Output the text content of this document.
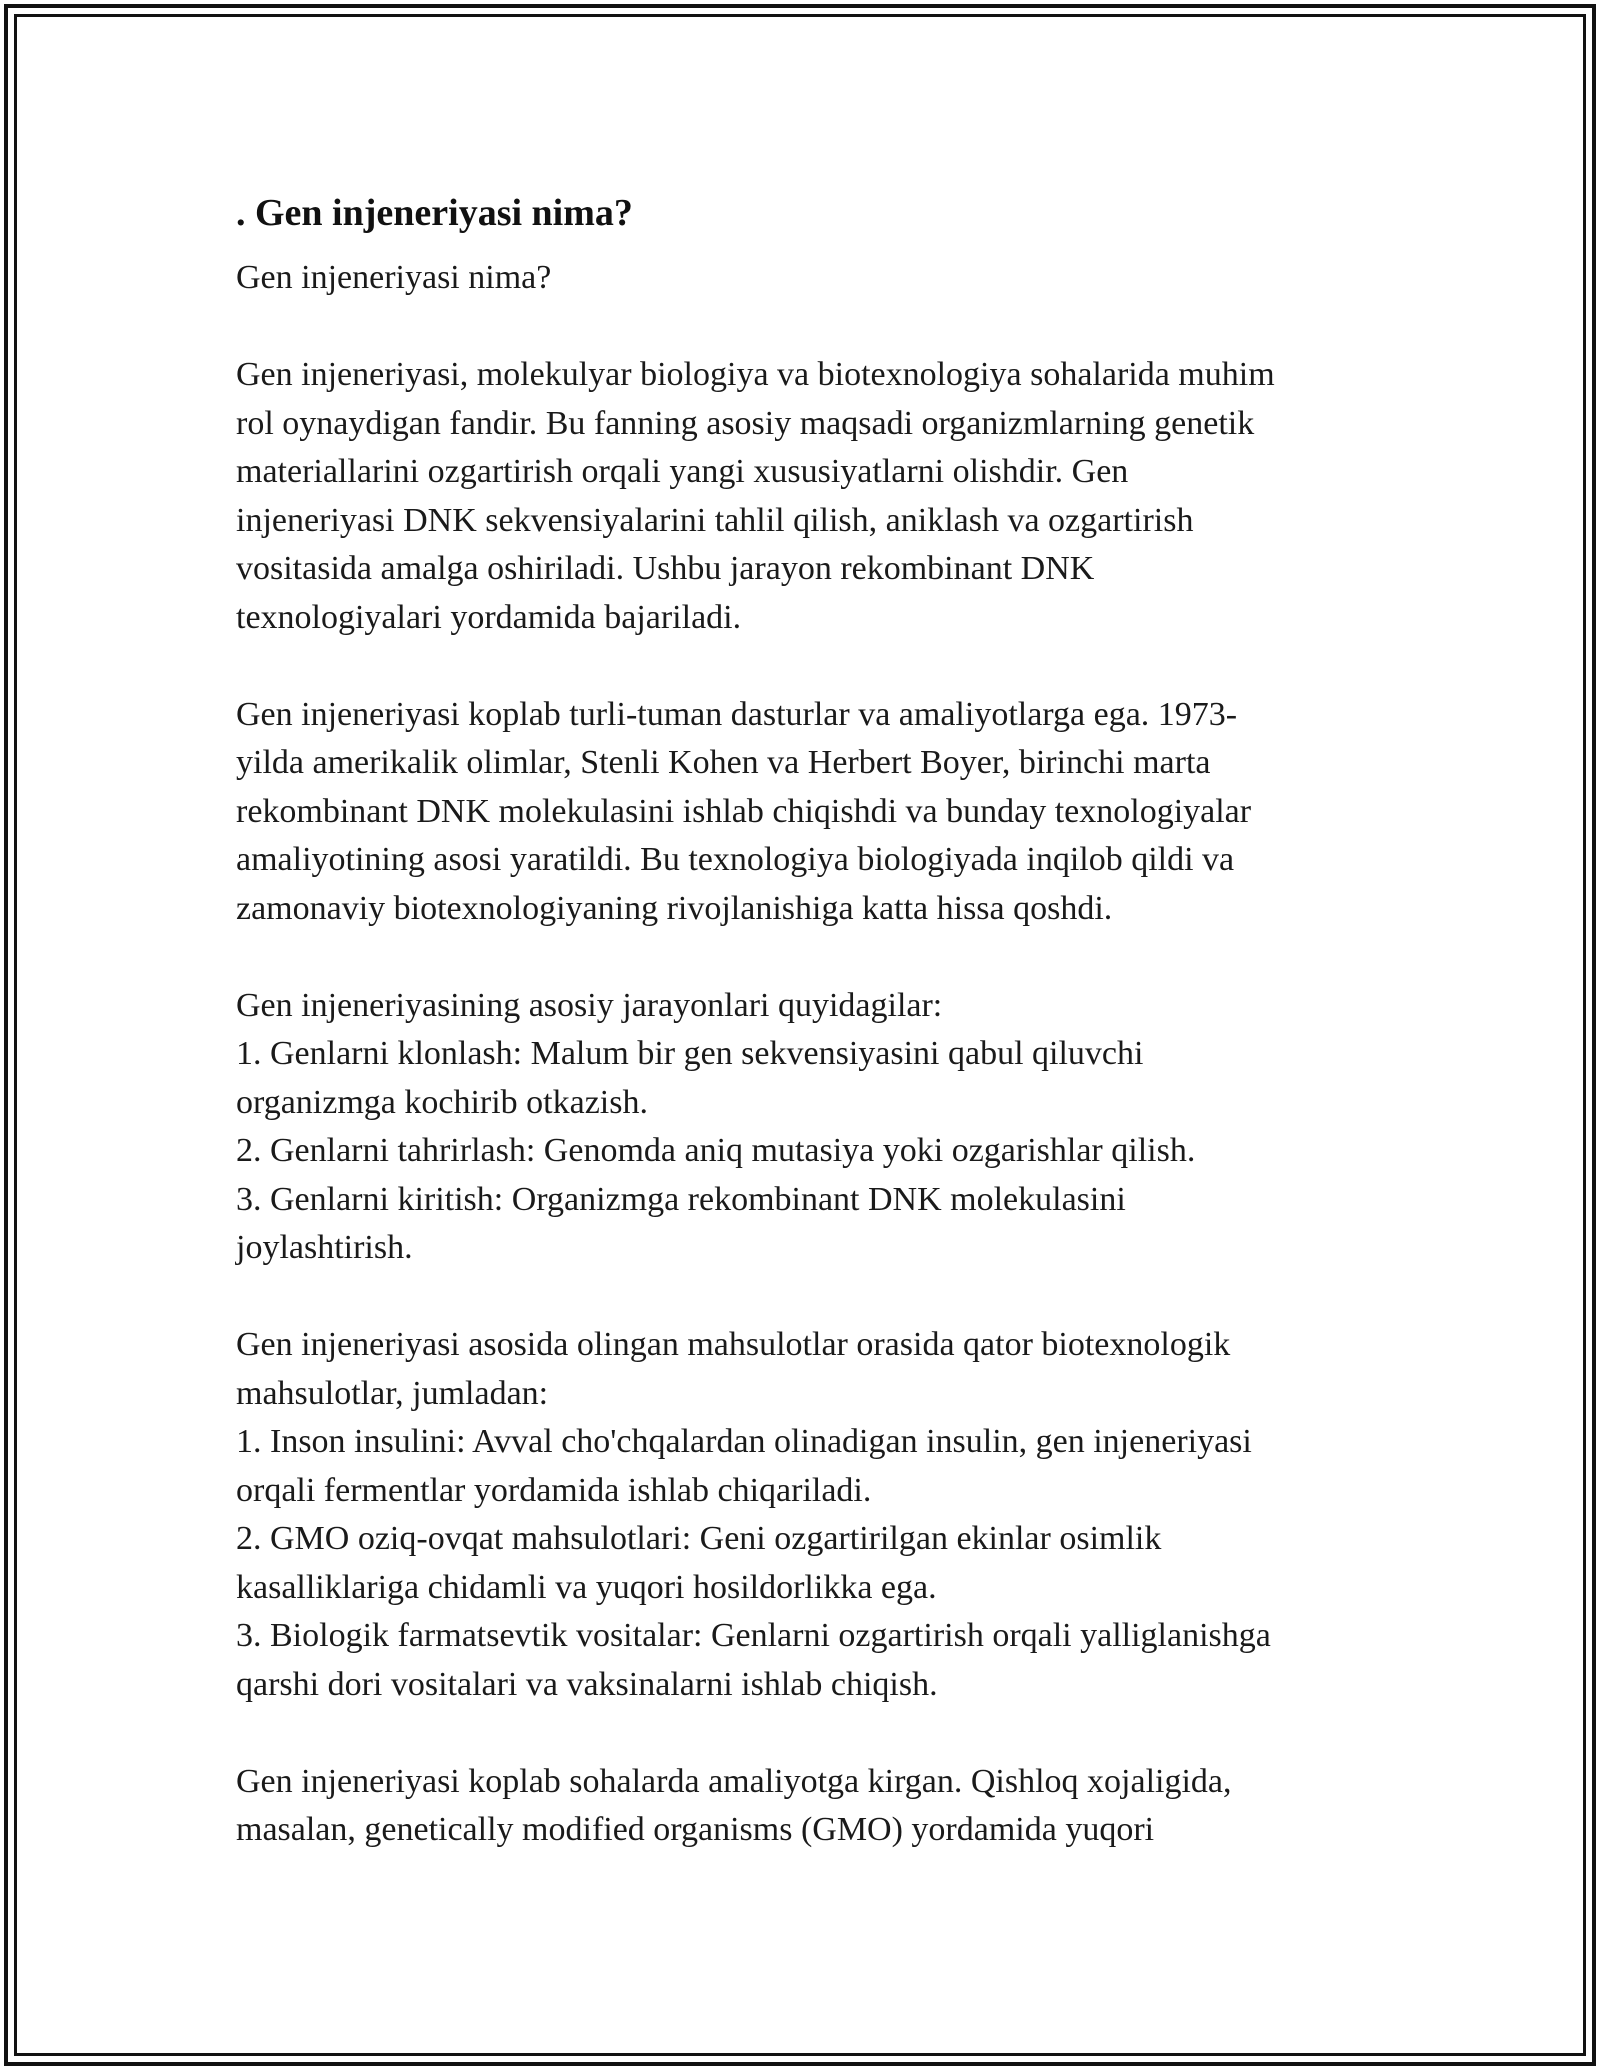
. Gen injeneriyasi nima?

Gen injeneriyasi nima?

Gen injeneriyasi, molekulyar biologiya va biotexnologiya sohalarida muhim
rol oynaydigan fandir. Bu fanning asosiy maqsadi organizmlarning genetik
materiallarini ozgartirish orqali yangi xususiyatlarni olishdir. Gen
injeneriyasi DNK sekvensiyalarini tahlil qilish, aniklash va ozgartirish
vositasida amalga oshiriladi. Ushbu jarayon rekombinant DNK
texnologiyalari yordamida bajariladi.

Gen injeneriyasi koplab turli-tuman dasturlar va amaliyotlarga ega. 1973-
yilda amerikalik olimlar, Stenli Kohen va Herbert Boyer, birinchi marta
rekombinant DNK molekulasini ishlab chiqishdi va bunday texnologiyalar
amaliyotining asosi yaratildi. Bu texnologiya biologiyada inqilob qildi va
zamonaviy biotexnologiyaning rivojlanishiga katta hissa qoshdi.

Gen injeneriyasining asosiy jarayonlari quyidagilar:
1. Genlarni klonlash: Malum bir gen sekvensiyasini qabul qiluvchi
organizmga kochirib otkazish.
2. Genlarni tahrirlash: Genomda aniq mutasiya yoki ozgarishlar qilish.
3. Genlarni kiritish: Organizmga rekombinant DNK molekulasini
joylashtirish.

Gen injeneriyasi asosida olingan mahsulotlar orasida qator biotexnologik
mahsulotlar, jumladan:
1. Inson insulini: Avval cho'chqalardan olinadigan insulin, gen injeneriyasi
orqali fermentlar yordamida ishlab chiqariladi.
2. GMO oziq-ovqat mahsulotlari: Geni ozgartirilgan ekinlar osimlik
kasalliklariga chidamli va yuqori hosildorlikka ega.
3. Biologik farmatsevtik vositalar: Genlarni ozgartirish orqali yalliglanishga
qarshi dori vositalari va vaksinalarni ishlab chiqish.

Gen injeneriyasi koplab sohalarda amaliyotga kirgan. Qishloq xojaligida,
masalan, genetically modified organisms (GMO) yordamida yuqori
